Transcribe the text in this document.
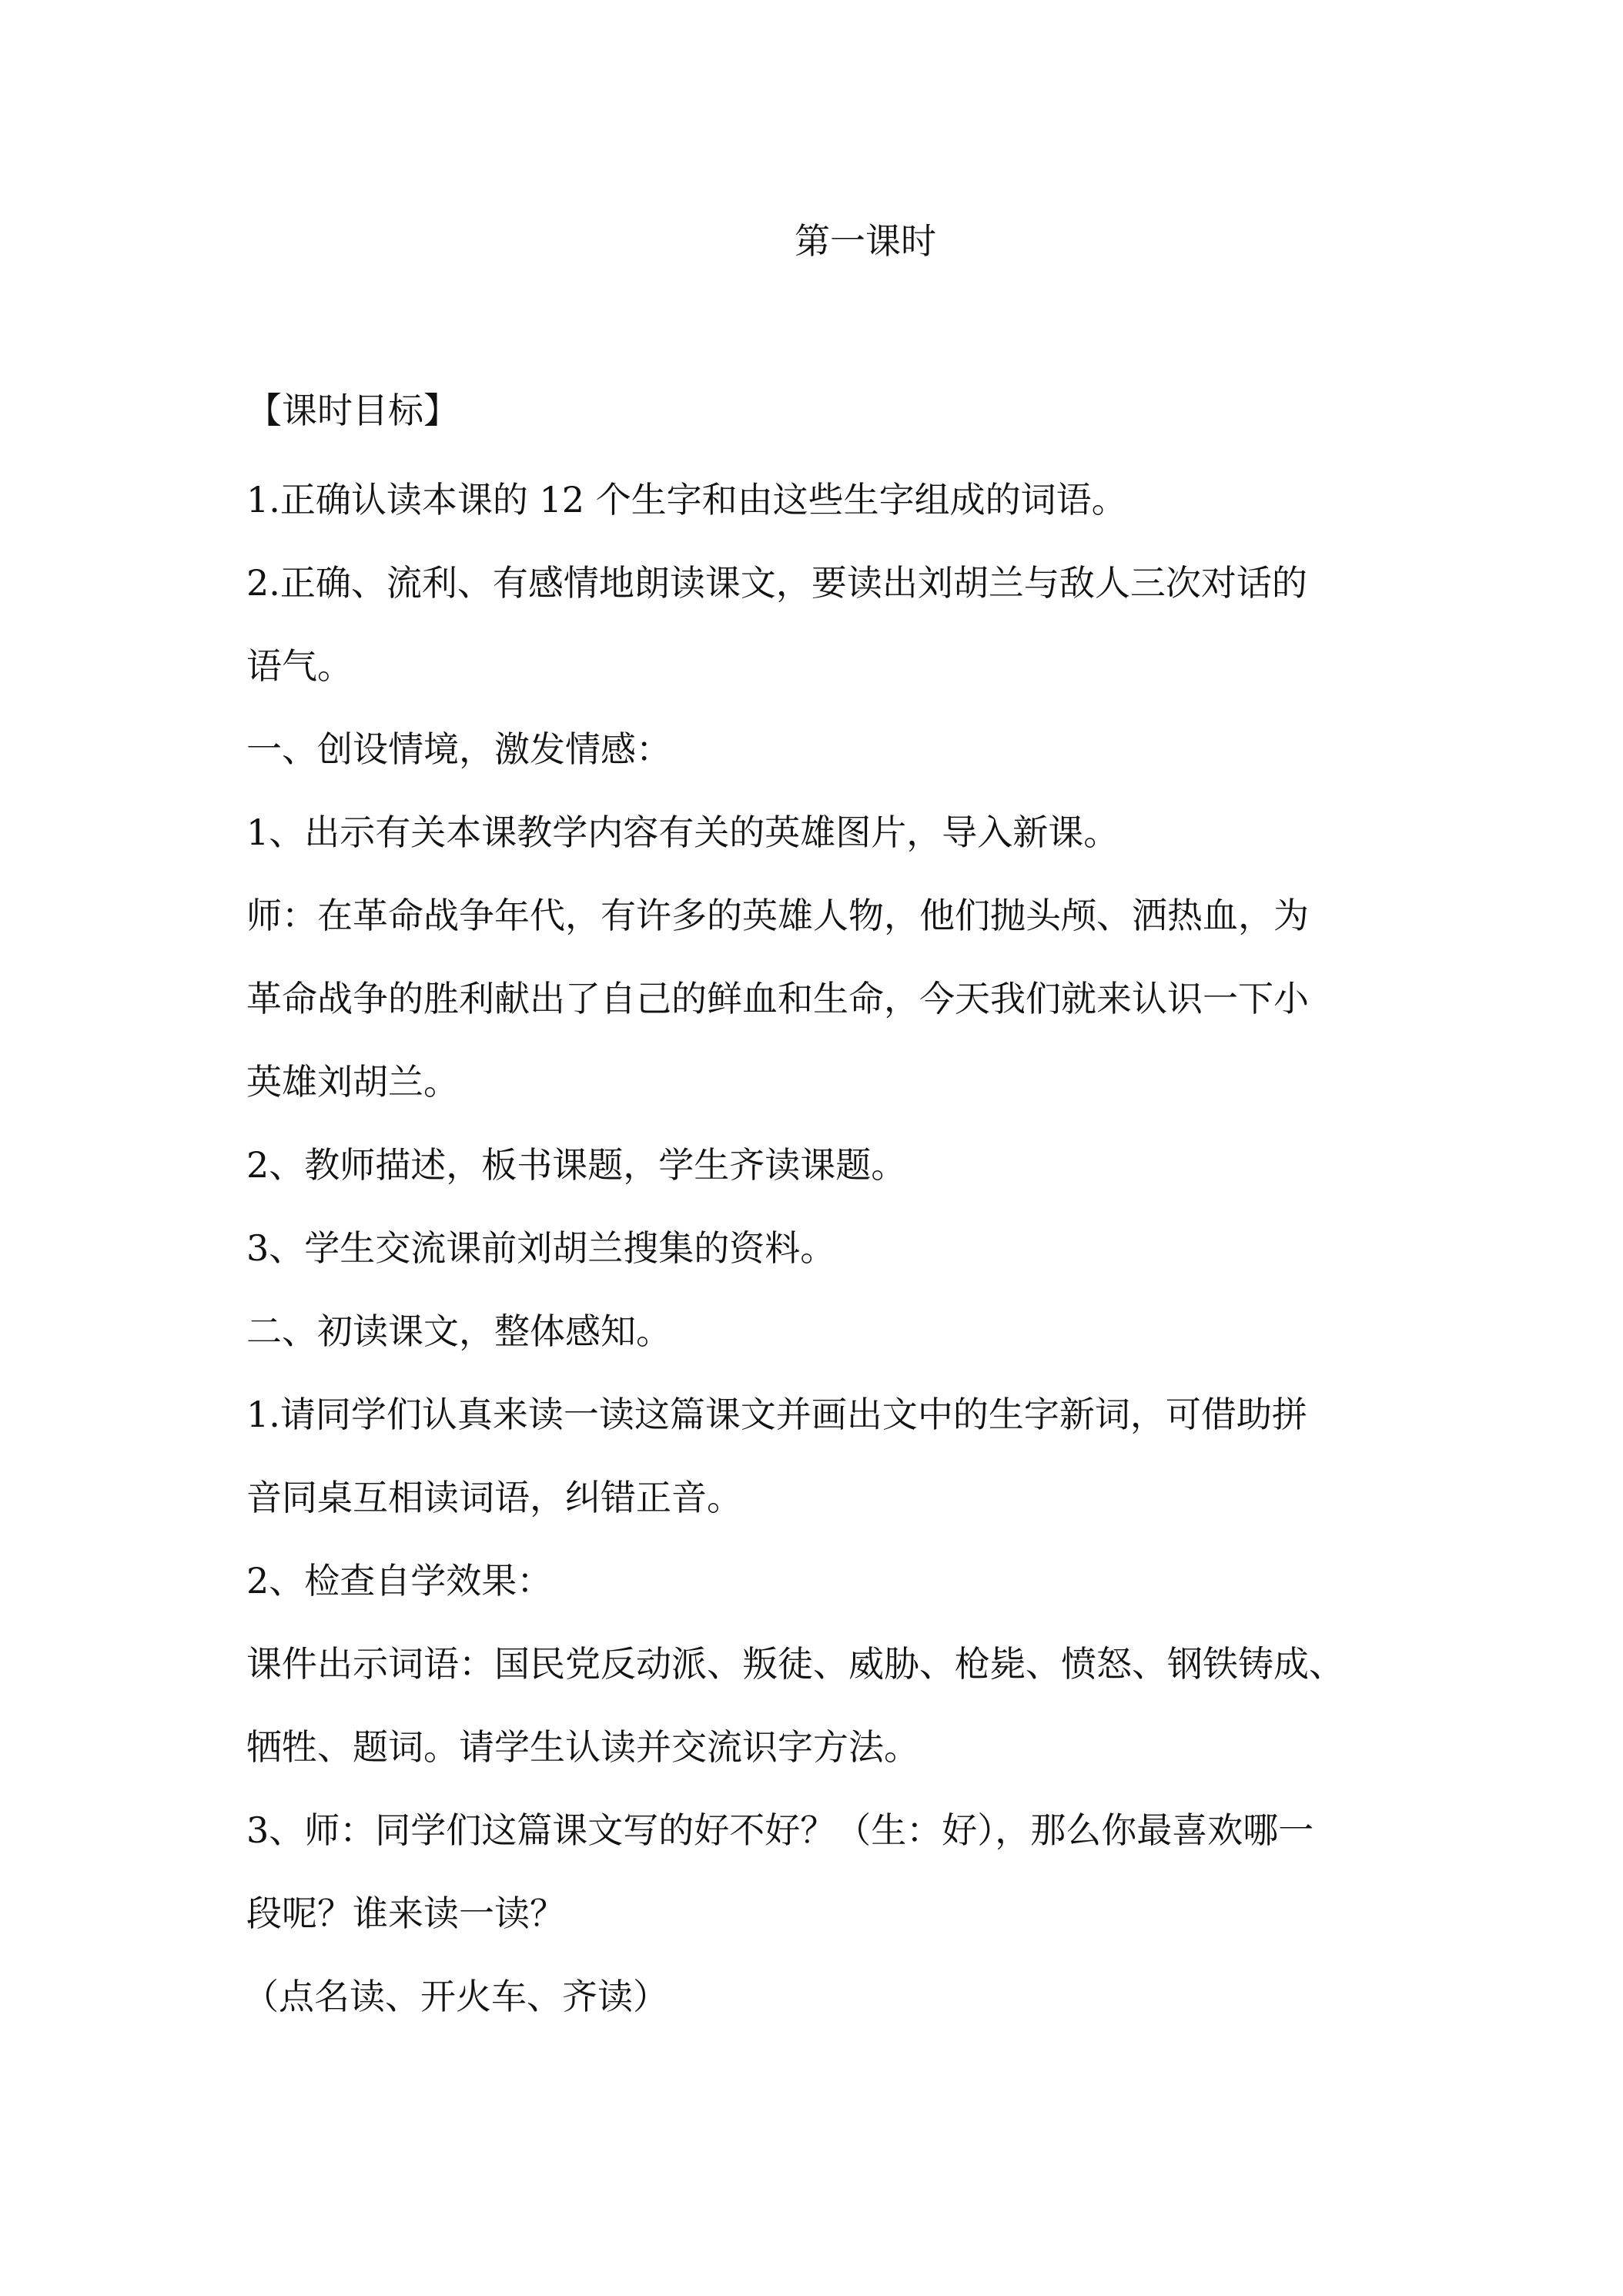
第一课时
【课时目标】
1.正确认读本课的 12 个生字和由这些生字组成的词语。
2.正确、流利、有感情地朗读课文，要读出刘胡兰与敌人三次对话的
语气。
一、创设情境，激发情感：
1、出示有关本课教学内容有关的英雄图片，导入新课。
师：在革命战争年代，有许多的英雄人物，他们抛头颅、洒热血，为
革命战争的胜利献出了自己的鲜血和生命，今天我们就来认识一下小
英雄刘胡兰。
2、教师描述，板书课题，学生齐读课题。
3、学生交流课前刘胡兰搜集的资料。
二、初读课文，整体感知。
1.请同学们认真来读一读这篇课文并画出文中的生字新词，可借助拼
音同桌互相读词语，纠错正音。
2、检查自学效果：
课件出示词语：国民党反动派、叛徒、威胁、枪毙、愤怒、钢铁铸成、
牺牲、题词。请学生认读并交流识字方法。
3、师：同学们这篇课文写的好不好？（生：好），那么你最喜欢哪一
段呢？谁来读一读？
（点名读、开火车、齐读）
